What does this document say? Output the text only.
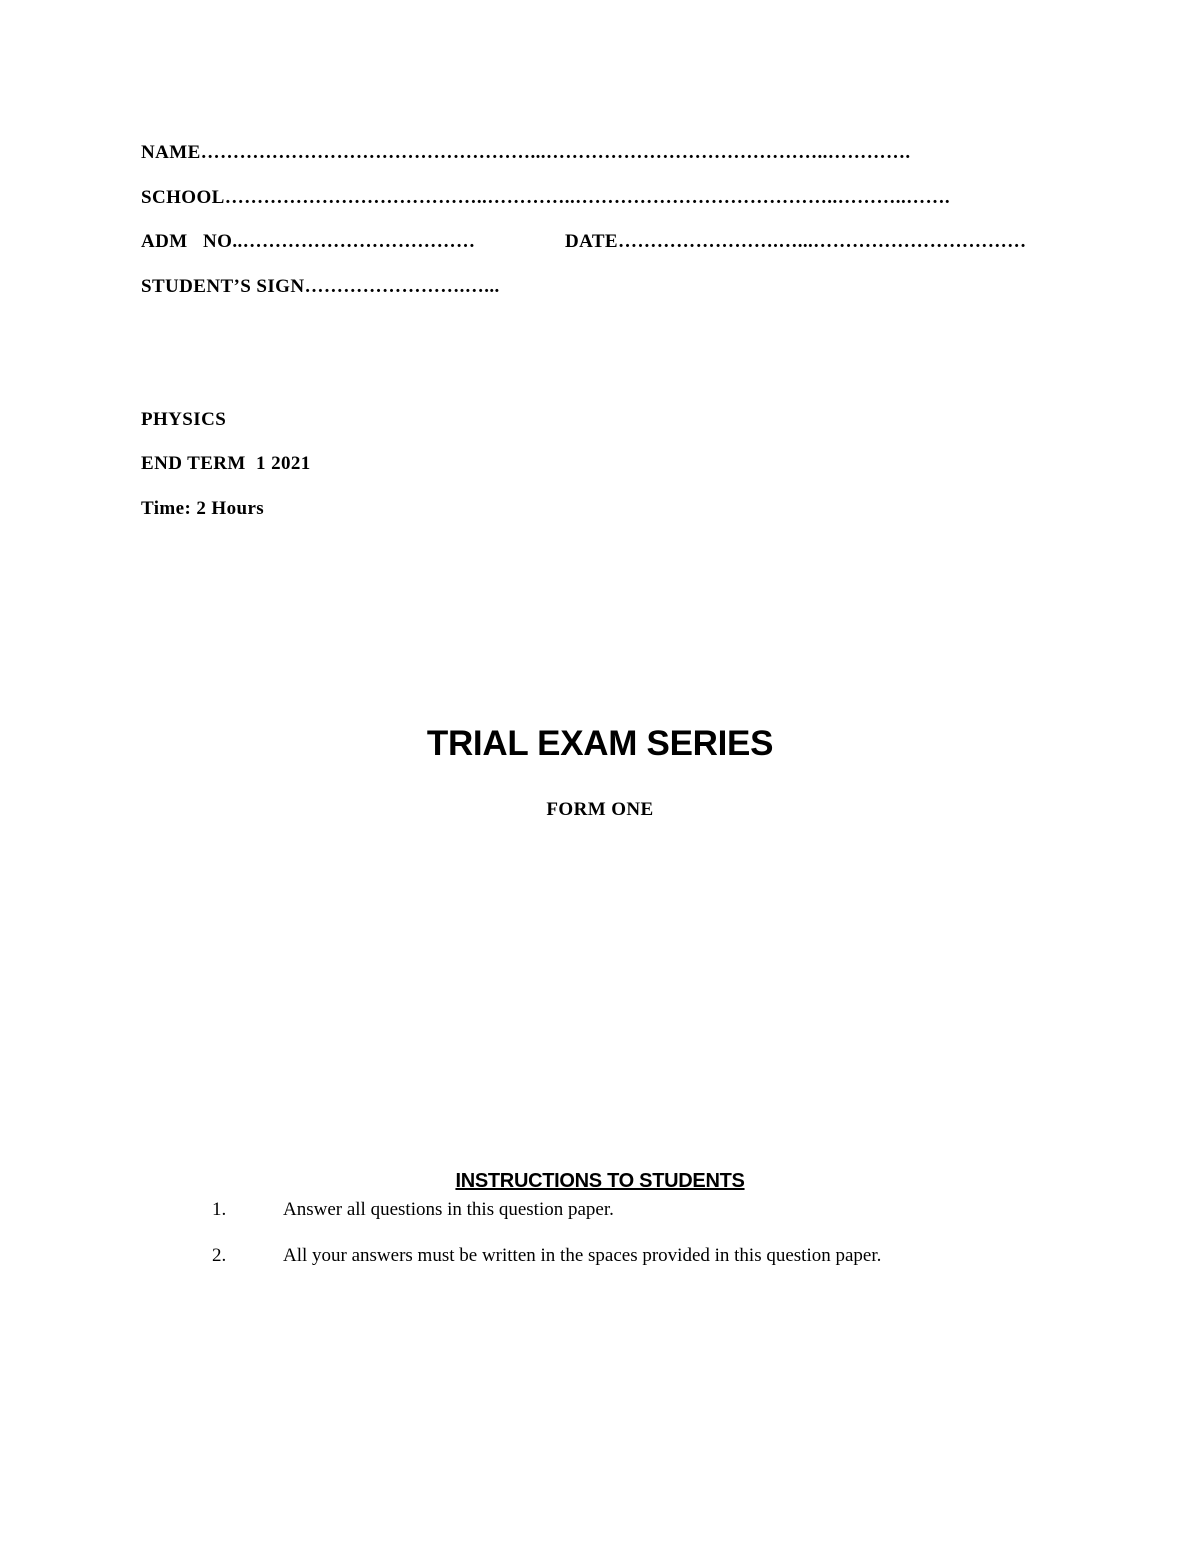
NAME……………………………………………...……………………………………..………….
SCHOOL…………………………………..…………..…………………………………..………..…….
ADM   NO..………………………………	DATE…………………….…...……………………………
STUDENT’S SIGN…………………….…...
PHYSICS
END TERM  1 2021
Time: 2 Hours
TRIAL EXAM SERIES
FORM ONE
INSTRUCTIONS TO STUDENTS
1.	Answer all questions in this question paper.
2.	All your answers must be written in the spaces provided in this question paper.
